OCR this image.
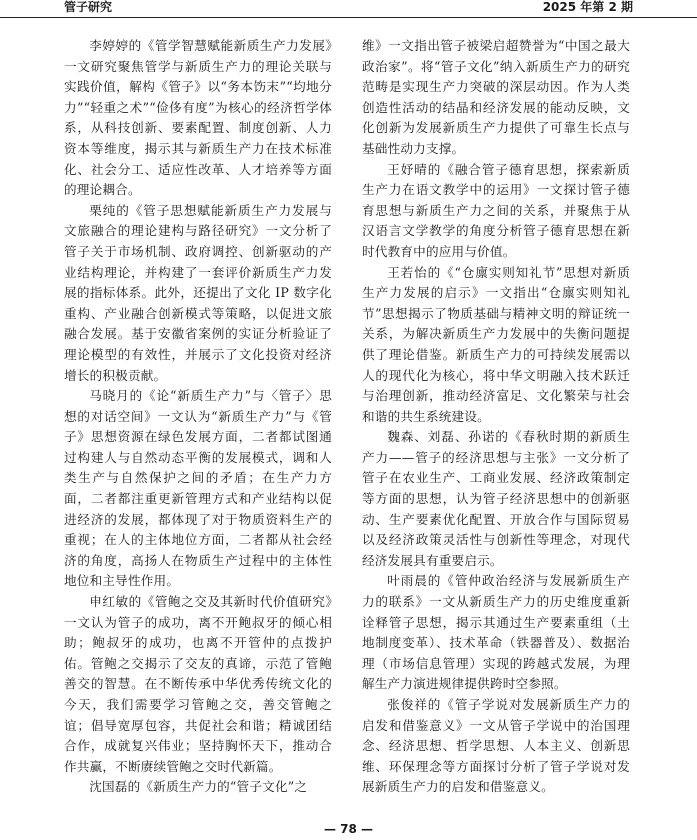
管子研究	2025 年第 2 期

李婷婷的《管学智慧赋能新质生产力发展》一文研究聚焦管学与新质生产力的理论关联与实践价值，解构《管子》以“务本饬末”“均地分力”“轻重之术”“俭侈有度”为核心的经济哲学体系，从科技创新、要素配置、制度创新、人力资本等维度，揭示其与新质生产力在技术标准化、社会分工、适应性改革、人才培养等方面的理论耦合。

栗纯的《管子思想赋能新质生产力发展与文旅融合的理论建构与路径研究》一文分析了管子关于市场机制、政府调控、创新驱动的产业结构理论，并构建了一套评价新质生产力发展的指标体系。此外，还提出了文化 IP 数字化重构、产业融合创新模式等策略，以促进文旅融合发展。基于安徽省案例的实证分析验证了理论模型的有效性，并展示了文化投资对经济增长的积极贡献。

马晓月的《论“新质生产力”与〈管子〉思想的对话空间》一文认为“新质生产力”与《管子》思想资源在绿色发展方面，二者都试图通过构建人与自然动态平衡的发展模式，调和人类生产与自然保护之间的矛盾；在生产力方面，二者都注重更新管理方式和产业结构以促进经济的发展，都体现了对于物质资料生产的重视；在人的主体地位方面，二者都从社会经济的角度，高扬人在物质生产过程中的主体性地位和主导性作用。

申红敏的《管鲍之交及其新时代价值研究》一文认为管子的成功，离不开鲍叔牙的倾心相助；鲍叔牙的成功，也离不开管仲的点拨护佑。管鲍之交揭示了交友的真谛，示范了管鲍善交的智慧。在不断传承中华优秀传统文化的今天，我们需要学习管鲍之交，善交管鲍之谊；倡导宽厚包容，共促社会和谐；精诚团结合作，成就复兴伟业；坚持胸怀天下，推动合作共赢，不断赓续管鲍之交时代新篇。

沈国磊的《新质生产力的“管子文化”之

维》一文指出管子被梁启超赞誉为“中国之最大政治家”。将“管子文化”纳入新质生产力的研究范畴是实现生产力突破的深层动因。作为人类创造性活动的结晶和经济发展的能动反映，文化创新为发展新质生产力提供了可靠生长点与基础性动力支撑。

王妤晴的《融合管子德育思想，探索新质生产力在语文教学中的运用》一文探讨管子德育思想与新质生产力之间的关系，并聚焦于从汉语言文学教学的角度分析管子德育思想在新时代教育中的应用与价值。

王若怡的《“仓廪实则知礼节”思想对新质生产力发展的启示》一文指出“仓廪实则知礼节”思想揭示了物质基础与精神文明的辩证统一关系，为解决新质生产力发展中的失衡问题提供了理论借鉴。新质生产力的可持续发展需以人的现代化为核心，将中华文明融入技术跃迁与治理创新，推动经济富足、文化繁荣与社会和谐的共生系统建设。

魏森、刘磊、孙诺的《春秋时期的新质生产力——管子的经济思想与主张》一文分析了管子在农业生产、工商业发展、经济政策制定等方面的思想，认为管子经济思想中的创新驱动、生产要素优化配置、开放合作与国际贸易以及经济政策灵活性与创新性等理念，对现代经济发展具有重要启示。

叶雨晨的《管仲政治经济与发展新质生产力的联系》一文从新质生产力的历史维度重新诠释管子思想，揭示其通过生产要素重组（土地制度变革）、技术革命（铁器普及）、数据治理（市场信息管理）实现的跨越式发展，为理解生产力演进规律提供跨时空参照。

张俊祥的《管子学说对发展新质生产力的启发和借鉴意义》一文从管子学说中的治国理念、经济思想、哲学思想、人本主义、创新思维、环保理念等方面探讨分析了管子学说对发展新质生产力的启发和借鉴意义。

— 78 —
